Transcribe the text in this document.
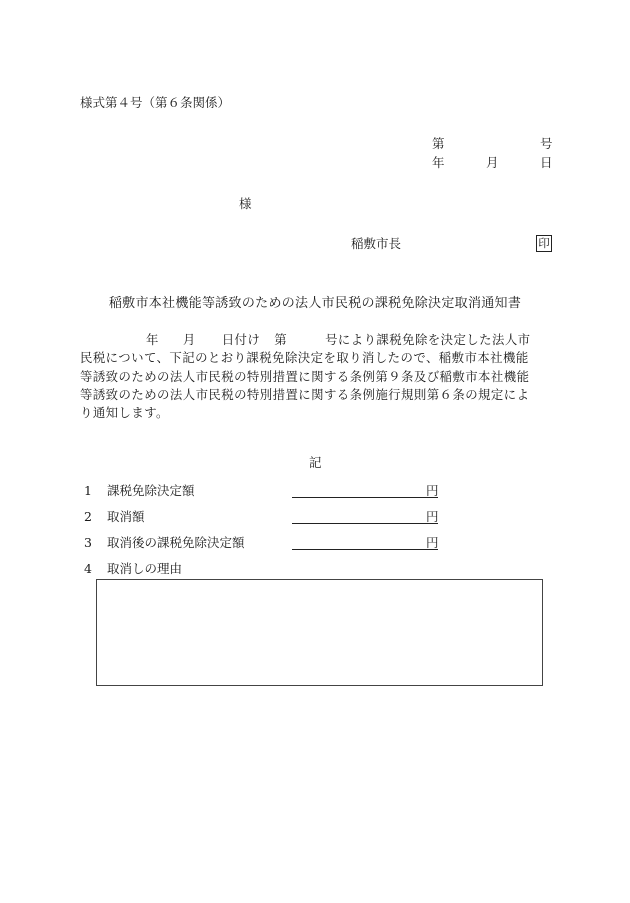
様式第４号（第６条関係）
第	号
年	月	日
様
稲敷市長	印
稲敷市本社機能等誘致のための法人市民税の課税免除決定取消通知書
年 月 日付け 第	号により課税免除を決定した法人市
民税について、下記のとおり課税免除決定を取り消したので、稲敷市本社機能
等誘致のための法人市民税の特別措置に関する条例第９条及び稲敷市本社機能
等誘致のための法人市民税の特別措置に関する条例施行規則第６条の規定によ
り通知します。
記
1 課税免除決定額	円
2 取消額	円
3 取消後の課税免除決定額	円
4 取消しの理由
